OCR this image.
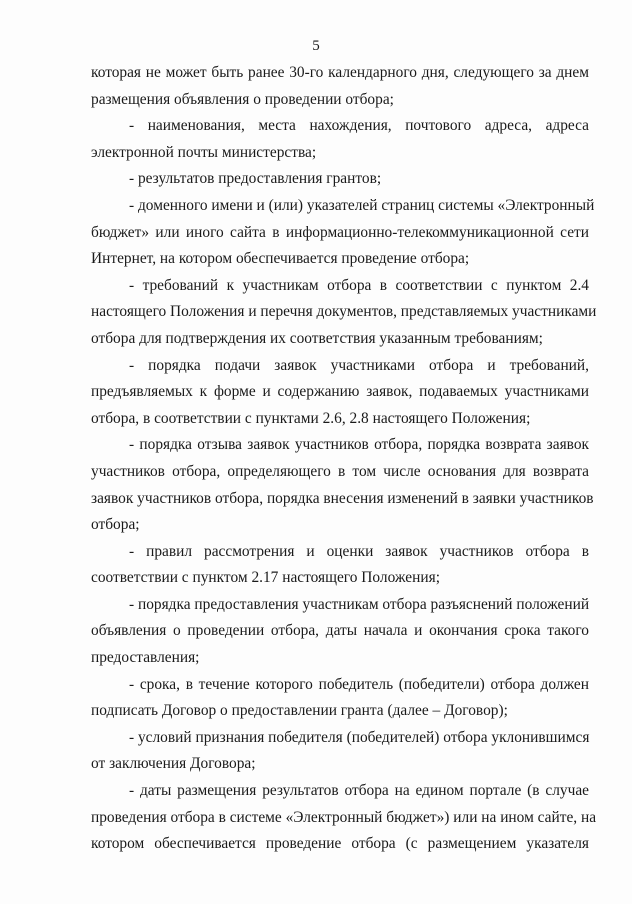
5
которая не может быть ранее 30-го календарного дня, следующего за днем
размещения объявления о проведении отбора;
- наименования, места нахождения, почтового адреса, адреса
электронной почты министерства;
- результатов предоставления грантов;
- доменного имени и (или) указателей страниц системы «Электронный
бюджет» или иного сайта в информационно-телекоммуникационной сети
Интернет, на котором обеспечивается проведение отбора;
- требований к участникам отбора в соответствии с пунктом 2.4
настоящего Положения и перечня документов, представляемых участниками
отбора для подтверждения их соответствия указанным требованиям;
- порядка подачи заявок участниками отбора и требований,
предъявляемых к форме и содержанию заявок, подаваемых участниками
отбора, в соответствии с пунктами 2.6, 2.8 настоящего Положения;
- порядка отзыва заявок участников отбора, порядка возврата заявок
участников отбора, определяющего в том числе основания для возврата
заявок участников отбора, порядка внесения изменений в заявки участников
отбора;
- правил рассмотрения и оценки заявок участников отбора в
соответствии с пунктом 2.17 настоящего Положения;
- порядка предоставления участникам отбора разъяснений положений
объявления о проведении отбора, даты начала и окончания срока такого
предоставления;
- срока, в течение которого победитель (победители) отбора должен
подписать Договор о предоставлении гранта (далее – Договор);
- условий признания победителя (победителей) отбора уклонившимся
от заключения Договора;
- даты размещения результатов отбора на едином портале (в случае
проведения отбора в системе «Электронный бюджет») или на ином сайте, на
котором обеспечивается проведение отбора (с размещением указателя
